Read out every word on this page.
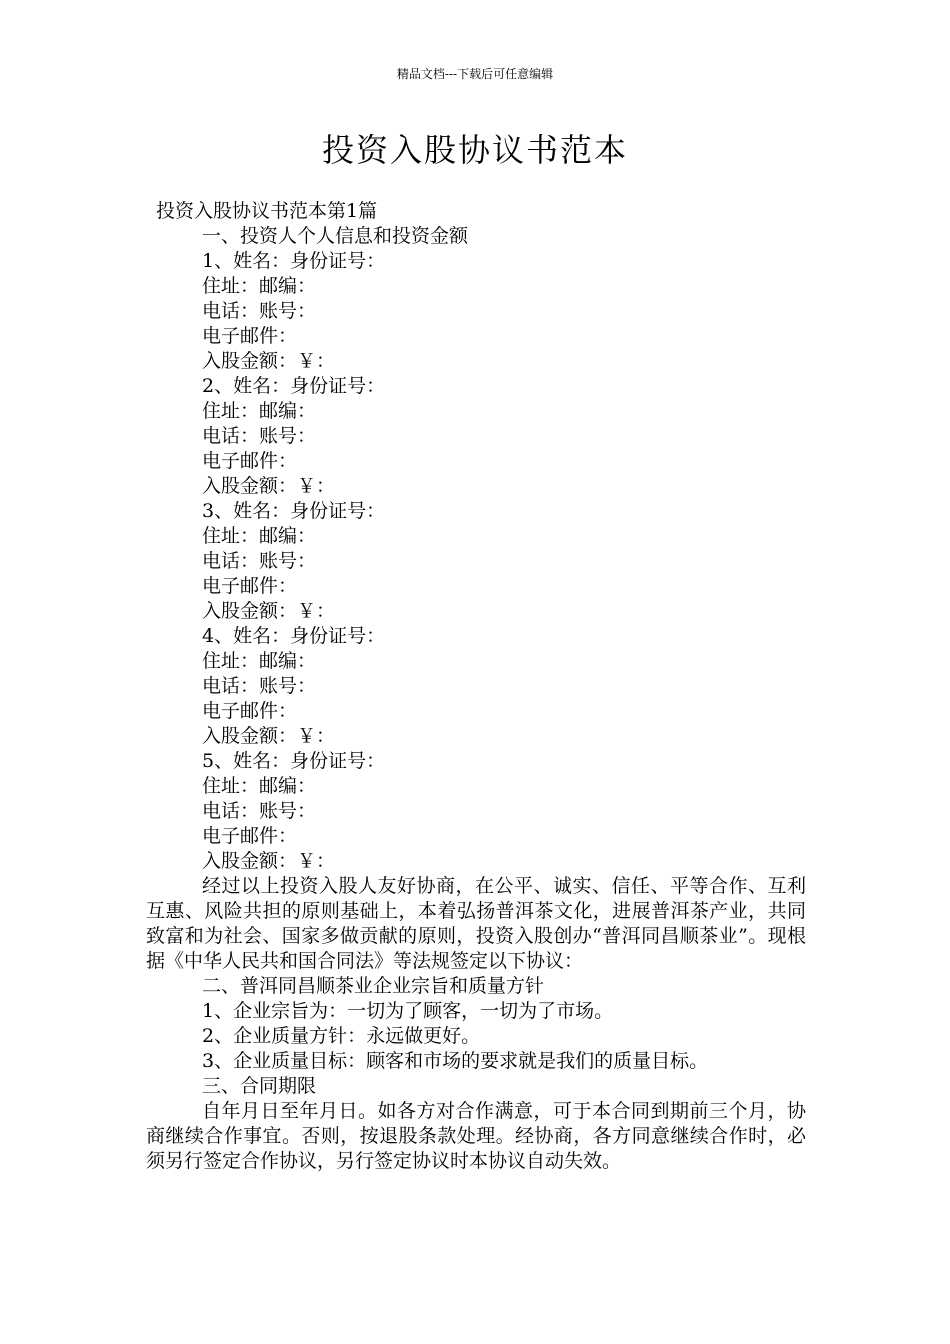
精品文档---下载后可任意编辑
投资入股协议书范本
投资入股协议书范本第1篇
一、投资人个人信息和投资金额
1、姓名：身份证号：
住址：邮编：
电话：账号：
电子邮件：
入股金额：￥：
2、姓名：身份证号：
住址：邮编：
电话：账号：
电子邮件：
入股金额：￥：
3、姓名：身份证号：
住址：邮编：
电话：账号：
电子邮件：
入股金额：￥：
4、姓名：身份证号：
住址：邮编：
电话：账号：
电子邮件：
入股金额：￥：
5、姓名：身份证号：
住址：邮编：
电话：账号：
电子邮件：
入股金额：￥：

经过以上投资入股人友好协商，在公平、诚实、信任、平等合作、互利互惠、风险共担的原则基础上，本着弘扬普洱茶文化，进展普洱茶产业，共同致富和为社会、国家多做贡献的原则，投资入股创办“普洱同昌顺茶业”。现根据《中华人民共和国合同法》等法规签定以下协议：

二、普洱同昌顺茶业企业宗旨和质量方针
1、企业宗旨为：一切为了顾客，一切为了市场。
2、企业质量方针：永远做更好。
3、企业质量目标：顾客和市场的要求就是我们的质量目标。
三、合同期限

自年月日至年月日。如各方对合作满意，可于本合同到期前三个月，协商继续合作事宜。否则，按退股条款处理。经协商，各方同意继续合作时，必须另行签定合作协议，另行签定协议时本协议自动失效。
